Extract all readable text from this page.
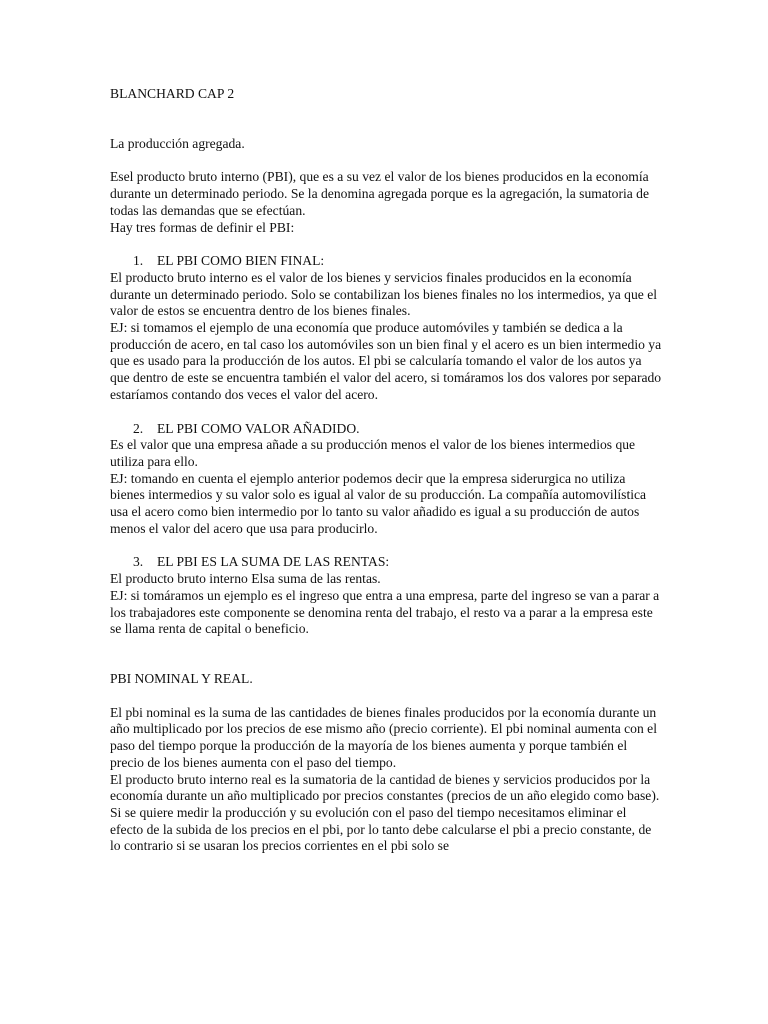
BLANCHARD CAP 2

La producción agregada.

Esel producto bruto interno (PBI), que es a su vez el valor de los bienes producidos en la economía durante un determinado periodo. Se la denomina agregada porque es la agregación, la sumatoria de todas las demandas que se efectúan.

Hay tres formas de definir el PBI:

1. EL PBI COMO BIEN FINAL:

El producto bruto interno es el valor de los bienes y servicios finales producidos en la economía durante un determinado periodo. Solo se contabilizan los bienes finales no los intermedios, ya que el valor de estos se encuentra dentro de los bienes finales.

EJ: si tomamos el ejemplo de una economía que produce automóviles y también se dedica a la producción de acero, en tal caso los automóviles son un bien final y el acero es un bien intermedio ya que es usado para la producción de los autos. El pbi se calcularía tomando el valor de los autos ya que dentro de este se encuentra también el valor del acero, si tomáramos los dos valores por separado estaríamos contando dos veces el valor del acero.

2. EL PBI COMO VALOR AÑADIDO.

Es el valor que una empresa añade a su producción menos el valor de los bienes intermedios que utiliza para ello.

EJ: tomando en cuenta el ejemplo anterior podemos decir que la empresa siderurgica no utiliza bienes intermedios y su valor solo es igual al valor de su producción. La compañía automovilística usa el acero como bien intermedio por lo tanto su valor añadido es igual a su producción de autos menos el valor del acero que usa para producirlo.

3. EL PBI ES LA SUMA DE LAS RENTAS:

El producto bruto interno Elsa suma de las rentas.

EJ: si tomáramos un ejemplo es el ingreso que entra a una empresa, parte del ingreso se van a parar a los trabajadores este componente se denomina renta del trabajo, el resto va a parar a la empresa este se llama renta de capital o beneficio.

PBI NOMINAL Y REAL.

El pbi nominal es la suma de las cantidades de bienes finales producidos por la economía durante un año multiplicado por los precios de ese mismo año (precio corriente). El pbi nominal aumenta con el paso del tiempo porque la producción de la mayoría de los bienes aumenta y porque también el precio de los bienes aumenta con el paso del tiempo.

El producto bruto interno real es la sumatoria de la cantidad de bienes y servicios producidos por la economía durante un año multiplicado por precios constantes (precios de un año elegido como base).

Si se quiere medir la producción y su evolución con el paso del tiempo necesitamos eliminar el efecto de la subida de los precios en el pbi, por lo tanto debe calcularse el pbi a precio constante, de lo contrario si se usaran los precios corrientes en el pbi solo se
